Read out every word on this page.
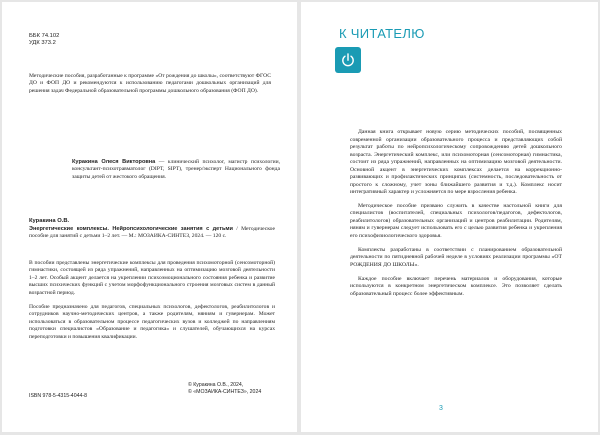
ББК 74.102
УДК 373.2

Методические пособия, разработанные к программе «От рождения до школы», соответствуют ФГОС ДО и ФОП ДО и рекомендуются к использованию педагогами дошкольных организаций для решения задач Федеральной образовательной программы дошкольного образования (ФОП ДО).

Куракина Олеся Викторовна — клинический психолог, магистр психологии, консультант-психотравматолог (DIPT, SIPT), тренер/эксперт Национального фонда защиты детей от жестокого обращения.

Куракина О.В.

Энергетические комплексы. Нейропсихологические занятия с детьми / Методическое пособие для занятий с детьми 1–2 лет. — М.: МОЗАИКА-СИНТЕЗ, 2024. — 120 с.

В пособии представлены энергетические комплексы для проведения психомоторной (сенсомоторной) гимнастики, состоящей из ряда упражнений, направленных на оптимизацию мозговой деятельности 1–2 лет. Особый акцент делается на укреплении психоэмоционального состояния ребенка и развитие высших психических функций с учетом морфофункционального строения мозговых систем в данный возрастной период.

Пособие предназначено для педагогов, специальных психологов, дефектологов, реабилитологов и сотрудников научно-методических центров, а также родителям, няниям и гувернерам. Может использоваться в образовательном процессе педагогических вузов и колледжей по направлениям подготовки специалистов «Образование и педагогика» и слушателей, обучающихся на курсах переподготовки и повышения квалификации.

ISBN 978-5-4315-4044-8
© Куракина О.В., 2024,
© «МОЗАИКА-СИНТЕЗ», 2024
К ЧИТАТЕЛЮ

Данная книга открывает новую серию методических пособий, посвященных современной организации образовательного процесса и представляющих собой результат работы по нейропсихологическому сопровождению детей дошкольного возраста. Энергетический комплекс, или психомоторная (сенсомоторная) гимнастика, состоит из ряда упражнений, направленных на оптимизацию мозговой деятельности. Основной акцент в энергетических комплексах делается на коррекционно-развивающих и профилактических принципах (системность, последовательность от простого к сложному, учет зоны ближайшего развития и т.д.). Комплекс носит интегративный характер и усложняется по мере взросления ребенка.

Методическое пособие призвано служить в качестве настольной книги для специалистов (воспитателей, специальных психологов/педагогов, дефектологов, реабилитологов) образовательных организаций и центров реабилитации. Родителям, няням и гувернерам следует использовать его с целью развития ребенка и укрепления его психофизиологического здоровья.

Комплекты разработаны в соответствии с планированием образовательной деятельности по пятидневной рабочей неделе в условиях реализации программы «ОТ РОЖДЕНИЯ ДО ШКОЛЫ».

Каждое пособие включает перечень материалов и оборудования, которые используются в конкретном энергетическом комплексе. Это позволяет сделать образовательный процесс более эффективным.

3
